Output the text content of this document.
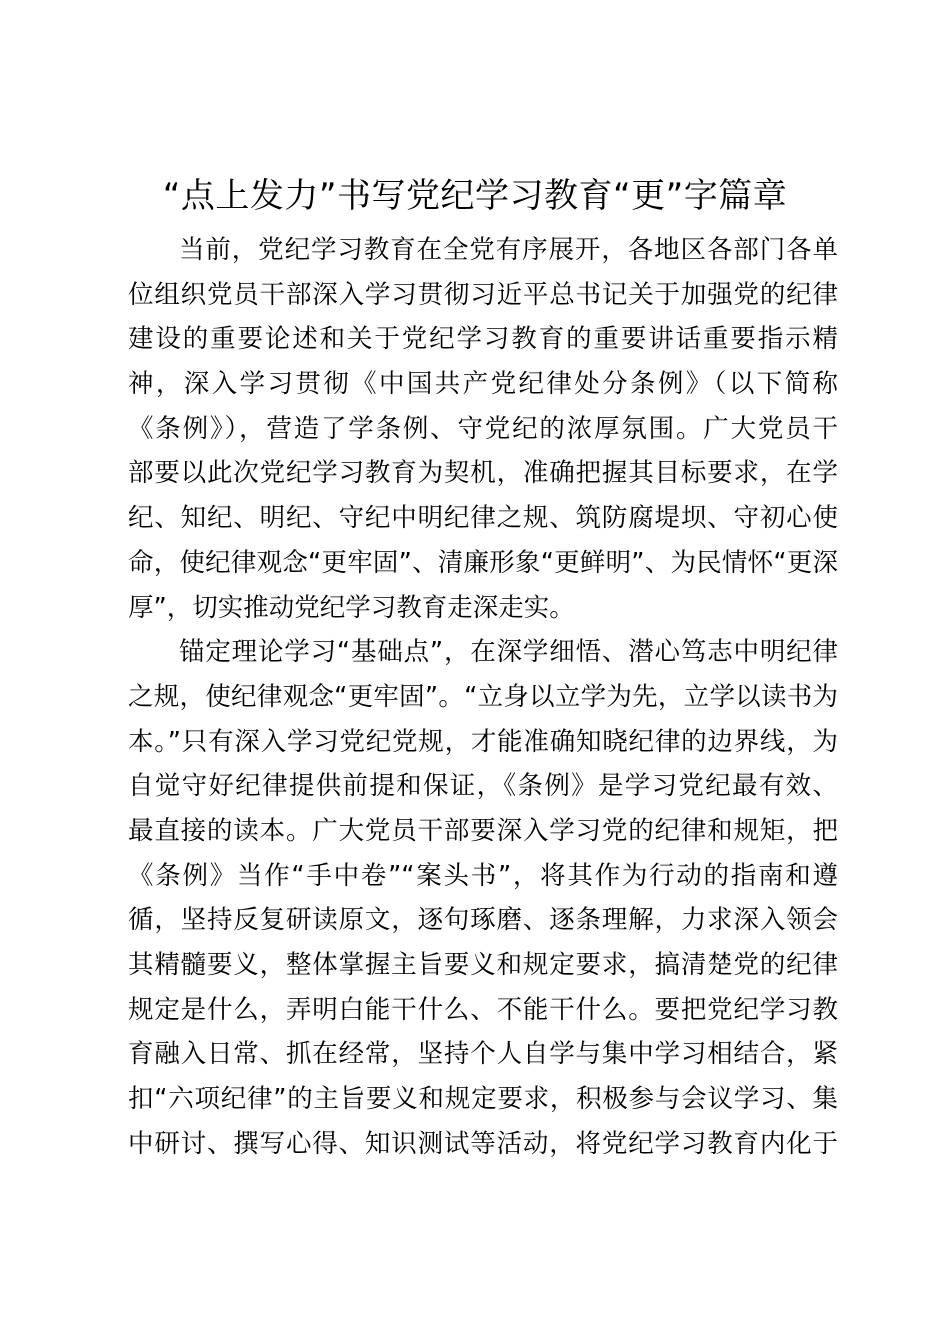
“点上发力”书写党纪学习教育“更”字篇章
当前，党纪学习教育在全党有序展开，各地区各部门各单
位组织党员干部深入学习贯彻习近平总书记关于加强党的纪律
建设的重要论述和关于党纪学习教育的重要讲话重要指示精
神，深入学习贯彻《中国共产党纪律处分条例》（以下简称
《条例》），营造了学条例、守党纪的浓厚氛围。广大党员干
部要以此次党纪学习教育为契机，准确把握其目标要求，在学
纪、知纪、明纪、守纪中明纪律之规、筑防腐堤坝、守初心使
命，使纪律观念“更牢固”、清廉形象“更鲜明”、为民情怀“更深
厚”，切实推动党纪学习教育走深走实。
锚定理论学习“基础点”，在深学细悟、潜心笃志中明纪律
之规，使纪律观念“更牢固”。“立身以立学为先，立学以读书为
本。”只有深入学习党纪党规，才能准确知晓纪律的边界线，为
自觉守好纪律提供前提和保证，《条例》是学习党纪最有效、
最直接的读本。广大党员干部要深入学习党的纪律和规矩，把
《条例》当作“手中卷”“案头书”，将其作为行动的指南和遵
循，坚持反复研读原文，逐句琢磨、逐条理解，力求深入领会
其精髓要义，整体掌握主旨要义和规定要求，搞清楚党的纪律
规定是什么，弄明白能干什么、不能干什么。要把党纪学习教
育融入日常、抓在经常，坚持个人自学与集中学习相结合，紧
扣“六项纪律”的主旨要义和规定要求，积极参与会议学习、集
中研讨、撰写心得、知识测试等活动，将党纪学习教育内化于
